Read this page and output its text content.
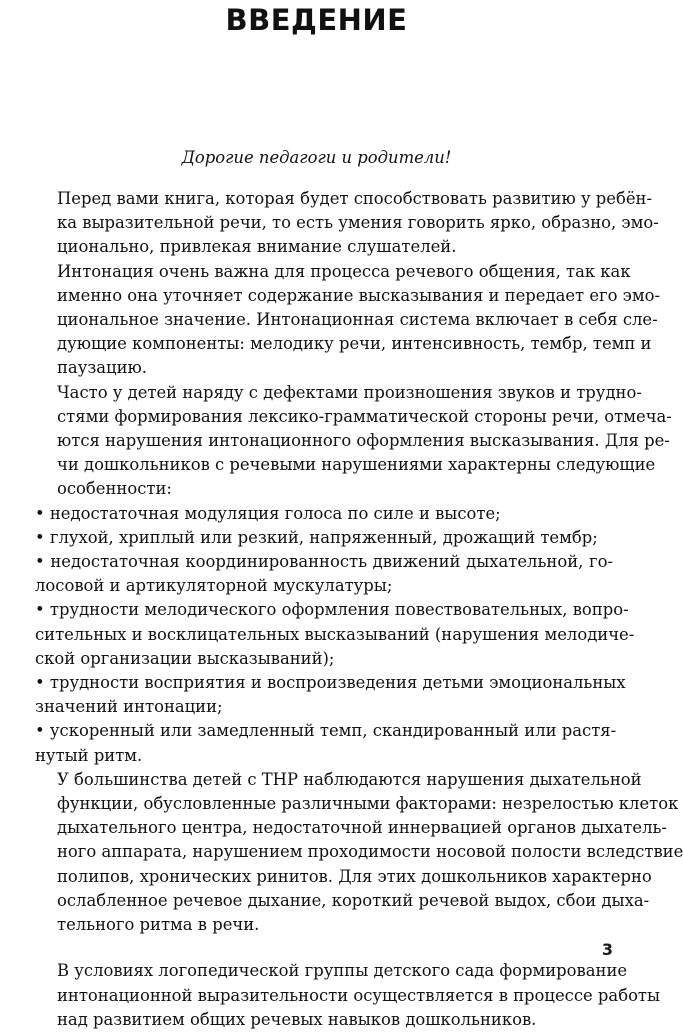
ВВЕДЕНИЕ
Дорогие педагоги и родители!

Перед вами книга, которая будет способствовать развитию у ребён-
ка выразительной речи, то есть умения говорить ярко, образно, эмо-
ционально, привлекая внимание слушателей.

Интонация очень важна для процесса речевого общения, так как
именно она уточняет содержание высказывания и передает его эмо-
циональное значение. Интонационная система включает в себя сле-
дующие компоненты: мелодику речи, интенсивность, тембр, темп и
паузацию.

Часто у детей наряду с дефектами произношения звуков и трудно-
стями формирования лексико-грамматической стороны речи, отмеча-
ются нарушения интонационного оформления высказывания. Для ре-
чи дошкольников с речевыми нарушениями характерны следующие
особенности:

• недостаточная модуляция голоса по силе и высоте;

• глухой, хриплый или резкий, напряженный, дрожащий тембр;

• недостаточная координированность движений дыхательной, го-
лосовой и артикуляторной мускулатуры;

• трудности мелодического оформления повествовательных, вопро-
сительных и восклицательных высказываний (нарушения мелодиче-
ской организации высказываний);

• трудности восприятия и воспроизведения детьми эмоциональных
значений интонации;

• ускоренный или замедленный темп, скандированный или растя-
нутый ритм.

У большинства детей с ТНР наблюдаются нарушения дыхательной
функции, обусловленные различными факторами: незрелостью клеток
дыхательного центра, недостаточной иннервацией органов дыхатель-
ного аппарата, нарушением проходимости носовой полости вследствие
полипов, хронических ринитов. Для этих дошкольников характерно
ослабленное речевое дыхание, короткий речевой выдох, сбои дыха-
тельного ритма в речи.

В условиях логопедической группы детского сада формирование
интонационной выразительности осуществляется в процессе работы
над развитием общих речевых навыков дошкольников.

3
